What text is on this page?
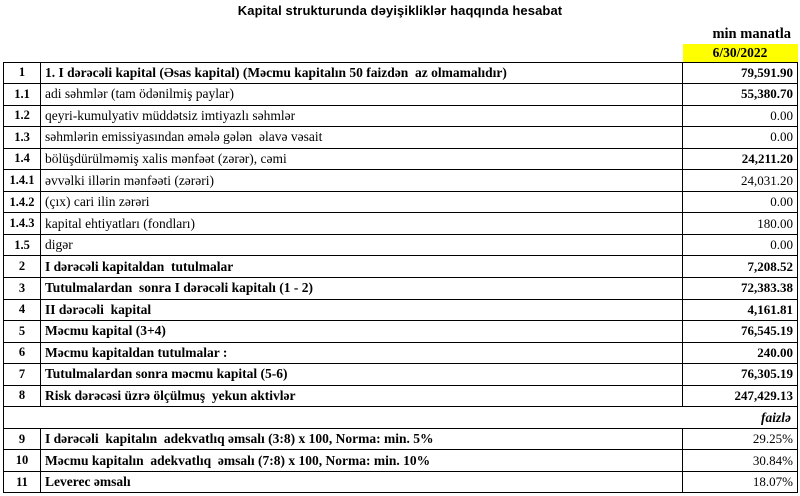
Kapital strukturunda dəyişikliklər haqqında hesabat
min manatla
		6/30/2022
1	1. I dərəcəli kapital (Əsas kapital) (Məcmu kapitalın 50 faizdən  az olmamalıdır)	79,591.90
1.1	adi səhmlər (tam ödənilmiş paylar)	55,380.70
1.2	qeyri-kumulyativ müddətsiz imtiyazlı səhmlər	0.00
1.3	səhmlərin emissiyasından əmələ gələn  əlavə vəsait	0.00
1.4	bölüşdürülməmiş xalis mənfəət (zərər), cəmi	24,211.20
1.4.1	əvvəlki illərin mənfəəti (zərəri)	24,031.20
1.4.2	(çıx) cari ilin zərəri	0.00
1.4.3	kapital ehtiyatları (fondları)	180.00
1.5	digər	0.00
2	I dərəcəli kapitaldan  tutulmalar	7,208.52
3	Tutulmalardan  sonra I dərəcəli kapitalı (1 - 2)	72,383.38
4	II dərəcəli  kapital	4,161.81
5	Məcmu kapital (3+4)	76,545.19
6	Məcmu kapitaldan tutulmalar :	240.00
7	Tutulmalardan sonra məcmu kapital (5-6)	76,305.19
8	Risk dərəcəsi üzrə ölçülmuş  yekun aktivlər	247,429.13
faizlə		
9	I dərəcəli  kapitalın  adekvatlıq əmsalı (3:8) x 100, Norma: min. 5%	29.25%
10	Məcmu kapitalın  adekvatlıq  əmsalı (7:8) x 100, Norma: min. 10%	30.84%
11	Leverec əmsalı	18.07%
